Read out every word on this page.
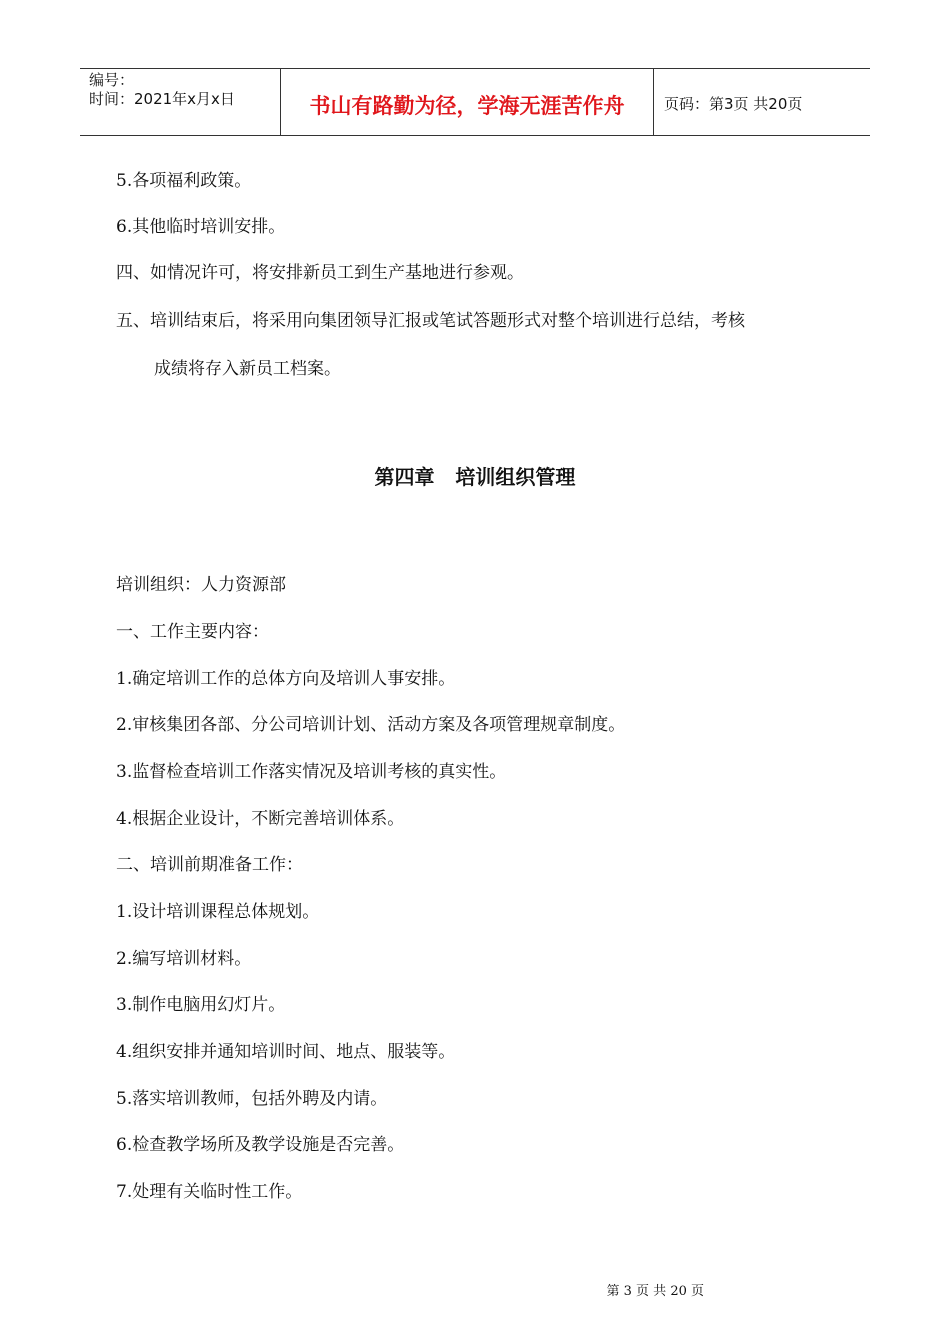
编号：
时间：2021年x月x日	书山有路勤为径，学海无涯苦作舟	页码：第3页 共20页
5.各项福利政策。
6.其他临时培训安排。
四、如情况许可，将安排新员工到生产基地进行参观。
五、培训结束后，将采用向集团领导汇报或笔试答题形式对整个培训进行总结，考核
成绩将存入新员工档案。
第四章   培训组织管理
培训组织：人力资源部
一、工作主要内容：
1.确定培训工作的总体方向及培训人事安排。
2.审核集团各部、分公司培训计划、活动方案及各项管理规章制度。
3.监督检查培训工作落实情况及培训考核的真实性。
4.根据企业设计，不断完善培训体系。
二、培训前期准备工作：
1.设计培训课程总体规划。
2.编写培训材料。
3.制作电脑用幻灯片。
4.组织安排并通知培训时间、地点、服装等。
5.落实培训教师，包括外聘及内请。
6.检查教学场所及教学设施是否完善。
7.处理有关临时性工作。
第 3 页 共 20 页
